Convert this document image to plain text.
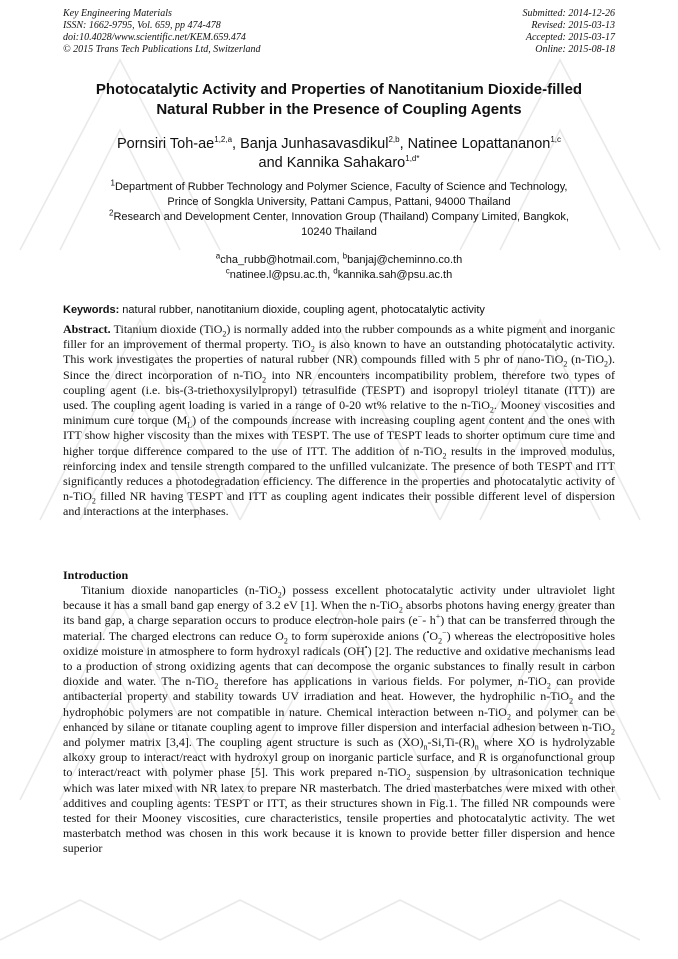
Key Engineering Materials
ISSN: 1662-9795, Vol. 659, pp 474-478
doi:10.4028/www.scientific.net/KEM.659.474
© 2015 Trans Tech Publications Ltd, Switzerland
Submitted: 2014-12-26
Revised: 2015-03-13
Accepted: 2015-03-17
Online: 2015-08-18
Photocatalytic Activity and Properties of Nanotitanium Dioxide-filled
Natural Rubber in the Presence of Coupling Agents
Pornsiri Toh-ae$^{1,2,a}$, Banja Junhasavasdikul$^{2,b}$, Natinee Lopattananon$^{1,c}$
and Kannika Sahakaro$^{1,d*}$
$^1$Department of Rubber Technology and Polymer Science, Faculty of Science and Technology,
Prince of Songkla University, Pattani Campus, Pattani, 94000 Thailand
$^2$Research and Development Center, Innovation Group (Thailand) Company Limited, Bangkok,
10240 Thailand
$^a$cha_rubb@hotmail.com, $^b$banjaj@cheminno.co.th
$^c$natinee.l@psu.ac.th, $^d$kannika.sah@psu.ac.th
Keywords: natural rubber, nanotitanium dioxide, coupling agent, photocatalytic activity

Abstract. Titanium dioxide (TiO$_2$) is normally added into the rubber compounds as a white pigment and inorganic filler for an improvement of thermal property. TiO$_2$ is also known to have an outstanding photocatalytic activity. This work investigates the properties of natural rubber (NR) compounds filled with 5 phr of nano-TiO$_2$ (n-TiO$_2$). Since the direct incorporation of n-TiO$_2$ into NR encounters incompatibility problem, therefore two types of coupling agent (i.e. bis-(3-triethoxysilylpropyl) tetrasulfide (TESPT) and isopropyl trioleyl titanate (ITT)) are used. The coupling agent loading is varied in a range of 0-20 wt% relative to the n-TiO$_2$. Mooney viscosities and minimum cure torque $(M_L)$ of the compounds increase with increasing coupling agent content and the ones with ITT show higher viscosity than the mixes with TESPT. The use of TESPT leads to shorter optimum cure time and higher torque difference compared to the use of ITT. The addition of n-TiO$_2$ results in the improved modulus, reinforcing index and tensile strength compared to the unfilled vulcanizate. The presence of both TESPT and ITT significantly reduces a photodegradation efficiency. The difference in the properties and photocatalytic activity of n-TiO$_2$ filled NR having TESPT and ITT as coupling agent indicates their possible different level of dispersion and interactions at the interphases.

Introduction

Titanium dioxide nanoparticles (n-TiO$_2$) possess excellent photocatalytic activity under ultraviolet light because it has a small band gap energy of 3.2 eV [1]. When the n-TiO$_2$ absorbs photons having energy greater than its band gap, a charge separation occurs to produce electron-hole pairs (e−- h+) that can be transferred through the material. The charged electrons can reduce $O_2$ to form superoxide anions $(^•O_2^-)$ whereas the electropositive holes oxidize moisture in atmosphere to form hydroxyl radicals (OH•) [2]. The reductive and oxidative mechanisms lead to a production of strong oxidizing agents that can decompose the organic substances to finally result in carbon dioxide and water. The n-TiO$_2$ therefore has applications in various fields. For polymer, n-TiO$_2$ can provide antibacterial property and stability towards UV irradiation and heat. However, the hydrophilic n-TiO$_2$ and the hydrophobic polymers are not compatible in nature. Chemical interaction between n-TiO$_2$ and polymer can be enhanced by silane or titanate coupling agent to improve filler dispersion and interfacial adhesion between n-TiO$_2$ and polymer matrix [3,4]. The coupling agent structure is such as $(XO)_n-Si,Ti-(R)_n$ where XO is hydrolyzable alkoxy group to interact/react with hydroxyl group on inorganic particle surface, and R is organofunctional group to interact/react with polymer phase [5]. This work prepared n-TiO$_2$ suspension by ultrasonication technique which was later mixed with NR latex to prepare NR masterbatch. The dried masterbatches were mixed with other additives and coupling agents: TESPT or ITT, as their structures shown in Fig.1. The filled NR compounds were tested for their Mooney viscosities, cure characteristics, tensile properties and photocatalytic activity. The wet masterbatch method was chosen in this work because it is known to provide better filler dispersion and hence superior
